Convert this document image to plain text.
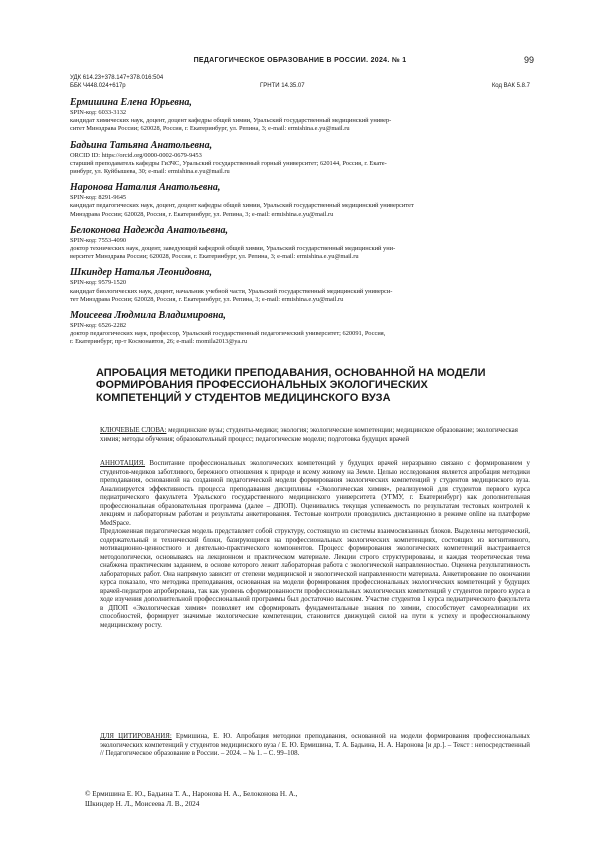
ПЕДАГОГИЧЕСКОЕ ОБРАЗОВАНИЕ В РОССИИ. 2024. № 1	99
УДК 614.23+378.147+378.016:504
ББК Ч448.024+617р	ГРНТИ 14.35.07	Код ВАК 5.8.7
Ермишина Елена Юрьевна,
SPIN-код: 6033-3132
кандидат химических наук, доцент, доцент кафедры общей химии, Уральский государственный медицинский универ-
ситет Минздрава России; 620028, Россия, г. Екатеринбург, ул. Репина, 3; e-mail: ermishina.e.yu@mail.ru
Бадьина Татьяна Анатольевна,
ORCID ID: https://orcid.org/0000-0002-0679-9453
старший преподаватель кафедры ГиЗЧС, Уральский государственный горный университет; 620144, Россия, г. Екате-
ринбург, ул. Куйбышева, 30; e-mail: ermishina.e.yu@mail.ru
Наронова Наталия Анатольевна,
SPIN-код: 8291-9645
кандидат педагогических наук, доцент, доцент кафедры общей химии, Уральский государственный медицинский университет
Минздрава России; 620028, Россия, г. Екатеринбург, ул. Репина, 3; e-mail: ermishina.e.yu@mail.ru
Белоконова Надежда Анатольевна,
SPIN-код: 7553-4090
доктор технических наук, доцент, заведующий кафедрой общей химии, Уральский государственный медицинский уни-
верситет Минздрава России; 620028, Россия, г. Екатеринбург, ул. Репина, 3; e-mail: ermishina.e.yu@mail.ru
Шкиндер Наталья Леонидовна,
SPIN-код: 9579-1520
кандидат биологических наук, доцент, начальник учебной части, Уральский государственный медицинский универси-
тет Минздрава России; 620028, Россия, г. Екатеринбург, ул. Репина, 3; e-mail: ermishina.e.yu@mail.ru
Моисеева Людмила Владимировна,
SPIN-код: 6526-2282
доктор педагогических наук, профессор, Уральский государственный педагогический университет; 620091, Россия,
г. Екатеринбург, пр-т Космонавтов, 26; e-mail: momila2013@ya.ru
АПРОБАЦИЯ МЕТОДИКИ ПРЕПОДАВАНИЯ, ОСНОВАННОЙ НА МОДЕЛИ ФОРМИРОВАНИЯ ПРОФЕССИОНАЛЬНЫХ ЭКОЛОГИЧЕСКИХ КОМПЕТЕНЦИЙ У СТУДЕНТОВ МЕДИЦИНСКОГО ВУЗА
КЛЮЧЕВЫЕ СЛОВА: медицинские вузы; студенты-медики; экология; экологические компетенции; медицинское образование; экологическая химия; методы обучения; образовательный процесс; педагогические модели; подготовка будущих врачей

АННОТАЦИЯ. Воспитание профессиональных экологических компетенций у будущих врачей неразрывно связано с формированием у студентов-медиков заботливого, бережного отношения к природе и всему живому на Земле. Целью исследования является апробация методики преподавания, основанной на созданной педагогической модели формирования экологических компетенций у студентов медицинского вуза. Анализируется эффективность процесса преподавания дисциплины «Экологическая химия», реализуемой для студентов первого курса педиатрического факультета Уральского государственного медицинского университета (УГМУ, г. Екатеринбург) как дополнительная профессиональная образовательная программа (далее – ДПОП). Оценивались текущая успеваемость по результатам тестовых контролей к лекциям и лабораторным работам и результаты анкетирования. Тестовые контроли проводились дистанционно в режиме online на платформе MedSpace.

Предложенная педагогическая модель представляет собой структуру, состоящую из системы взаимосвязанных блоков. Выделены методический, содержательный и технический блоки, базирующиеся на профессиональных экологических компетенциях, состоящих из когнитивного, мотивационно-ценностного и деятельно-практического компонентов. Процесс формирования экологических компетенций выстраивается методологически, основываясь на лекционном и практическом материале. Лекции строго структурированы, и каждая теоретическая тема снабжена практическим заданием, в основе которого лежит лабораторная работа с экологической направленностью. Оценена результативность лабораторных работ. Она напрямую зависит от степени медицинской и экологической направленности материала. Анкетирование по окончании курса показало, что методика преподавания, основанная на модели формирования профессиональных экологических компетенций у будущих врачей-педиатров апробирована, так как уровень сформированности профессиональных экологических компетенций у студентов первого курса в ходе изучения дополнительной профессиональной программы был достаточно высоким. Участие студентов 1 курса педиатрического факультета в ДПОП «Экологическая химия» позволяет им сформировать фундаментальные знания по химии, способствует самореализации их способностей, формирует значимые экологические компетенции, становится движущей силой на пути к успеху и профессиональному медицинскому росту.

ДЛЯ ЦИТИРОВАНИЯ: Ермишина, Е. Ю. Апробация методики преподавания, основанной на модели формирования профессиональных экологических компетенций у студентов медицинского вуза / Е. Ю. Ермишина, Т. А. Бадьина, Н. А. Наронова [и др.]. – Текст : непосредственный // Педагогическое образование в России. – 2024. – № 1. – С. 99–108.
© Ермишина Е. Ю., Бадьина Т. А., Наронова Н. А., Белоконова Н. А.,
Шкиндер Н. Л., Моисеева Л. В., 2024
